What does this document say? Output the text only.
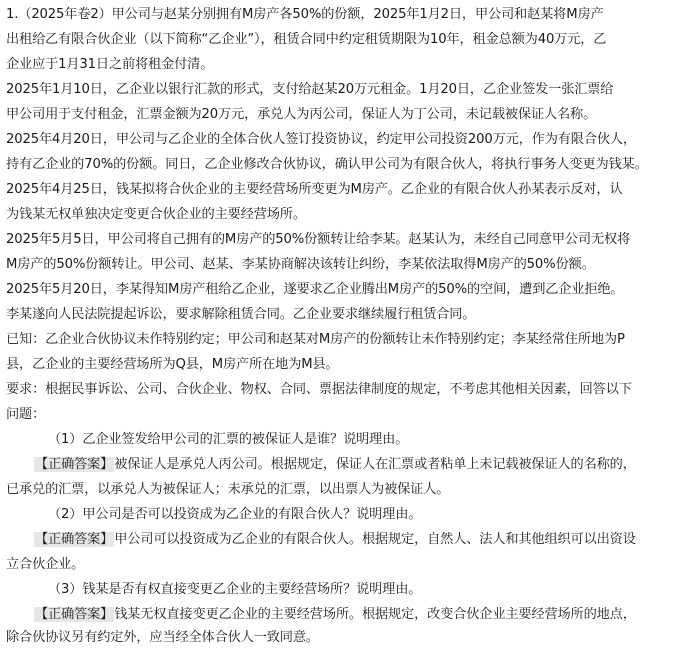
1.（2025年卷2）甲公司与赵某分别拥有M房产各50%的份额，2025年1月2日，甲公司和赵某将M房产
出租给乙有限合伙企业（以下简称“乙企业”），租赁合同中约定租赁期限为10年，租金总额为40万元，乙
企业应于1月31日之前将租金付清。
2025年1月10日，乙企业以银行汇款的形式，支付给赵某20万元租金。1月20日，乙企业签发一张汇票给
甲公司用于支付租金，汇票金额为20万元，承兑人为丙公司，保证人为丁公司，未记载被保证人名称。
2025年4月20日，甲公司与乙企业的全体合伙人签订投资协议，约定甲公司投资200万元，作为有限合伙人，
持有乙企业的70%的份额。同日，乙企业修改合伙协议，确认甲公司为有限合伙人，将执行事务人变更为钱某。
2025年4月25日，钱某拟将合伙企业的主要经营场所变更为M房产。乙企业的有限合伙人孙某表示反对，认
为钱某无权单独决定变更合伙企业的主要经营场所。
2025年5月5日，甲公司将自己拥有的M房产的50%份额转让给李某。赵某认为，未经自己同意甲公司无权将
M房产的50%份额转让。甲公司、赵某、李某协商解决该转让纠纷，李某依法取得M房产的50%份额。
2025年5月20日，李某得知M房产租给乙企业，遂要求乙企业腾出M房产的50%的空间，遭到乙企业拒绝。
李某遂向人民法院提起诉讼，要求解除租赁合同。乙企业要求继续履行租赁合同。
已知：乙企业合伙协议未作特别约定；甲公司和赵某对M房产的份额转让未作特别约定；李某经常住所地为P
县，乙企业的主要经营场所为Q县，M房产所在地为M县。
要求：根据民事诉讼、公司、合伙企业、物权、合同、票据法律制度的规定，不考虑其他相关因素，回答以下
问题：
（1）乙企业签发给甲公司的汇票的被保证人是谁？说明理由。
【正确答案】被保证人是承兑人丙公司。根据规定，保证人在汇票或者粘单上未记载被保证人的名称的，
已承兑的汇票，以承兑人为被保证人；未承兑的汇票，以出票人为被保证人。
（2）甲公司是否可以投资成为乙企业的有限合伙人？说明理由。
【正确答案】甲公司可以投资成为乙企业的有限合伙人。根据规定，自然人、法人和其他组织可以出资设
立合伙企业。
（3）钱某是否有权直接变更乙企业的主要经营场所？说明理由。
【正确答案】钱某无权直接变更乙企业的主要经营场所。根据规定，改变合伙企业主要经营场所的地点，
除合伙协议另有约定外，应当经全体合伙人一致同意。
